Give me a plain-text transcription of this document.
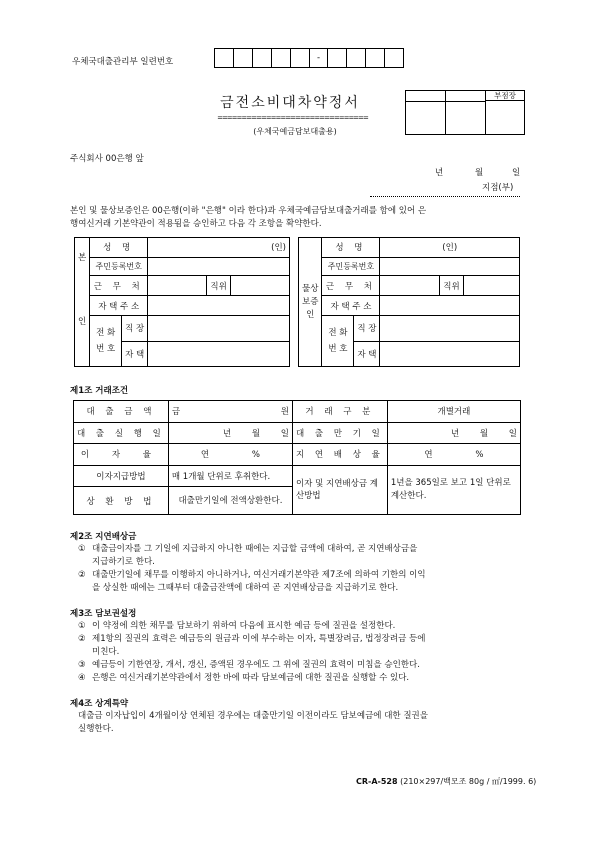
우체국대출관리부 일련번호	-
금전소비대차약정서
===============================
(우체국예금담보대출용)
부점장
주식회사 00은행 앞
년	월	일
지점(부)
본인 및 물상보증인은 00은행(이하 "은행" 이라 한다)과 우체국예금담보대출거래를 함에 있어 은
행여신거래 기본약관이 적용됨을 승인하고 다음 각 조항을 확약한다.
본	성 명		(인)		
	주민등록번호				
인	근 무 처			직위	
	자 택 주 소				

	전 화
번 호	직 장			
		자 택			
물상
보증
인	성 명		(인)		
	주민등록번호				
	근 무 처			직위	
	자 택 주 소				

	전 화
번 호	직 장			
		자 택			
제1조 거래조건
대 출 금 액	금 원	거 래 구 분	개별거래
대 출 실 행 일	년 월 일	대 출 만 기 일	년 월 일
이 자 율	연 %	지 연 배 상 율	연 %
이자지급방법	매 1개월 단위로 후취한다.	이자 및 지연배상금 계산방법	1년을 365일로 보고 1일 단위로 계산한다.
상 환 방 법	대출만기일에 전액상환한다.		
제2조 지연배상금
① 대출금이자를 그 기일에 지급하지 아니한 때에는 지급할 금액에 대하여, 곧 지연배상금을
지급하기로 한다.
② 대출만기일에 채무를 이행하지 아니하거나, 여신거래기본약관 제7조에 의하여 기한의 이익
을 상실한 때에는 그때부터 대출금잔액에 대하여 곧 지연배상금을 지급하기로 한다.
제3조 담보권설정
① 이 약정에 의한 채무를 담보하기 위하여 다음에 표시한 예금 등에 질권을 설정한다.
② 제1항의 질권의 효력은 예금등의 원금과 이에 부수하는 이자, 특별장려금, 법정장려금 등에
미친다.
③ 예금등이 기한연장, 개서, 갱신, 증액된 경우에도 그 위에 질권의 효력이 미침을 승인한다.
④ 은행은 여신거래기본약관에서 정한 바에 따라 담보예금에 대한 질권을 실행할 수 있다.
제4조 상계특약
대출금 이자납입이 4개월이상 연체된 경우에는 대출만기일 이전이라도 담보예금에 대한 질권을
실행한다.
CR-A-528 (210×297/백모조 80g / ㎡/1999. 6)
